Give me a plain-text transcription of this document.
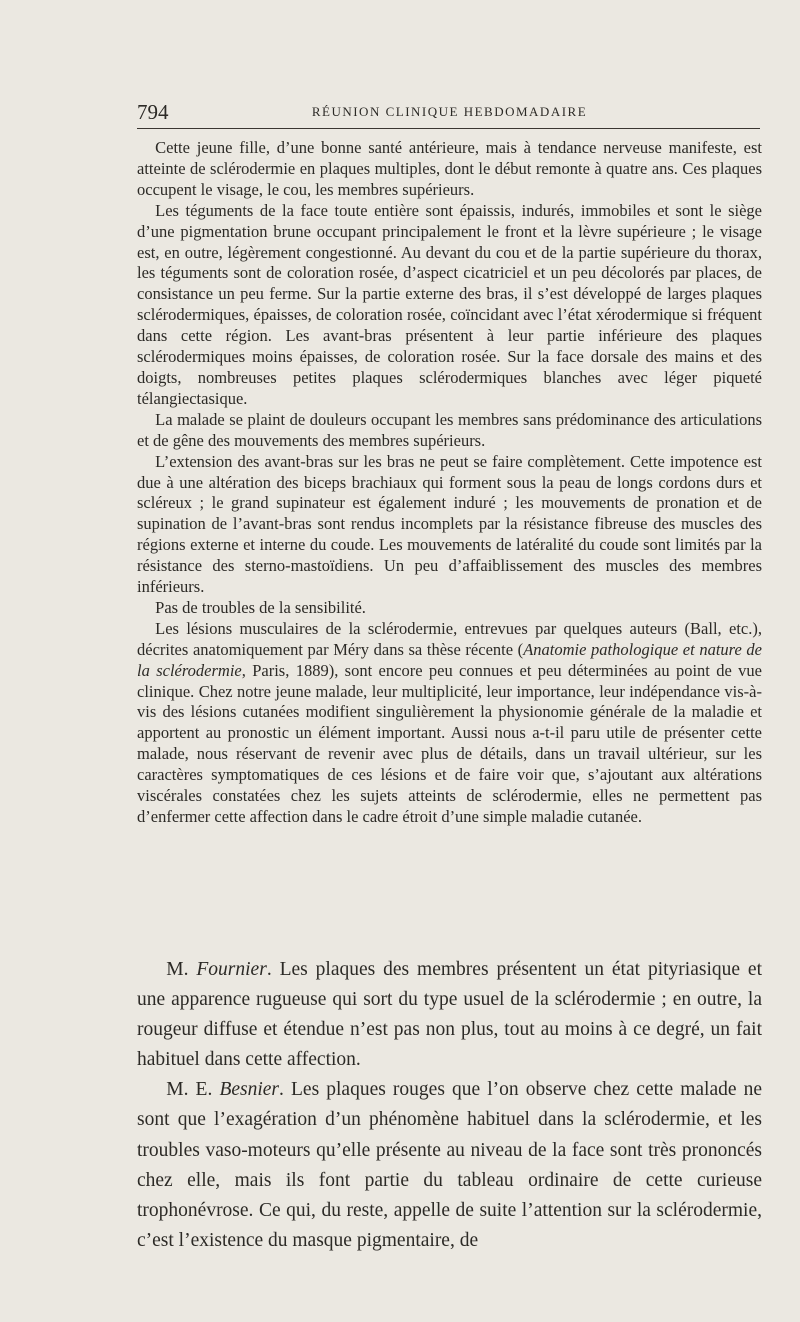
794	RÉUNION CLINIQUE HEBDOMADAIRE

Cette jeune fille, d’une bonne santé antérieure, mais à tendance nerveuse manifeste, est atteinte de sclérodermie en plaques multiples, dont le début remonte à quatre ans. Ces plaques occupent le visage, le cou, les membres supérieurs.

Les téguments de la face toute entière sont épaissis, indurés, immobiles et sont le siège d’une pigmentation brune occupant principalement le front et la lèvre supérieure ; le visage est, en outre, légèrement congestionné. Au devant du cou et de la partie supérieure du thorax, les téguments sont de coloration rosée, d’aspect cicatriciel et un peu décolorés par places, de consistance un peu ferme. Sur la partie externe des bras, il s’est développé de larges plaques sclérodermiques, épaisses, de coloration rosée, coïncidant avec l’état xérodermique si fréquent dans cette région. Les avant-bras présentent à leur partie inférieure des plaques sclérodermiques moins épaisses, de coloration rosée. Sur la face dorsale des mains et des doigts, nombreuses petites plaques sclérodermiques blanches avec léger piqueté télangiectasique.

La malade se plaint de douleurs occupant les membres sans prédominance des articulations et de gêne des mouvements des membres supérieurs.

L’extension des avant-bras sur les bras ne peut se faire complètement. Cette impotence est due à une altération des biceps brachiaux qui forment sous la peau de longs cordons durs et scléreux ; le grand supinateur est également induré ; les mouvements de pronation et de supination de l’avant-bras sont rendus incomplets par la résistance fibreuse des muscles des régions externe et interne du coude. Les mouvements de latéralité du coude sont limités par la résistance des sterno-mastoïdiens. Un peu d’affaiblissement des muscles des membres inférieurs.

Pas de troubles de la sensibilité.

Les lésions musculaires de la sclérodermie, entrevues par quelques auteurs (Ball, etc.), décrites anatomiquement par Méry dans sa thèse récente (Anatomie pathologique et nature de la sclérodermie, Paris, 1889), sont encore peu connues et peu déterminées au point de vue clinique. Chez notre jeune malade, leur multiplicité, leur importance, leur indépendance vis-à-vis des lésions cutanées modifient singulièrement la physionomie générale de la maladie et apportent au pronostic un élément important. Aussi nous a-t-il paru utile de présenter cette malade, nous réservant de revenir avec plus de détails, dans un travail ultérieur, sur les caractères symptomatiques de ces lésions et de faire voir que, s’ajoutant aux altérations viscérales constatées chez les sujets atteints de sclérodermie, elles ne permettent pas d’enfermer cette affection dans le cadre étroit d’une simple maladie cutanée.

M. Fournier. Les plaques des membres présentent un état pityriasique et une apparence rugueuse qui sort du type usuel de la sclérodermie ; en outre, la rougeur diffuse et étendue n’est pas non plus, tout au moins à ce degré, un fait habituel dans cette affection.

M. E. Besnier. Les plaques rouges que l’on observe chez cette malade ne sont que l’exagération d’un phénomène habituel dans la sclérodermie, et les troubles vaso-moteurs qu’elle présente au niveau de la face sont très prononcés chez elle, mais ils font partie du tableau ordinaire de cette curieuse trophonévrose. Ce qui, du reste, appelle de suite l’attention sur la sclérodermie, c’est l’existence du masque pigmentaire, de
